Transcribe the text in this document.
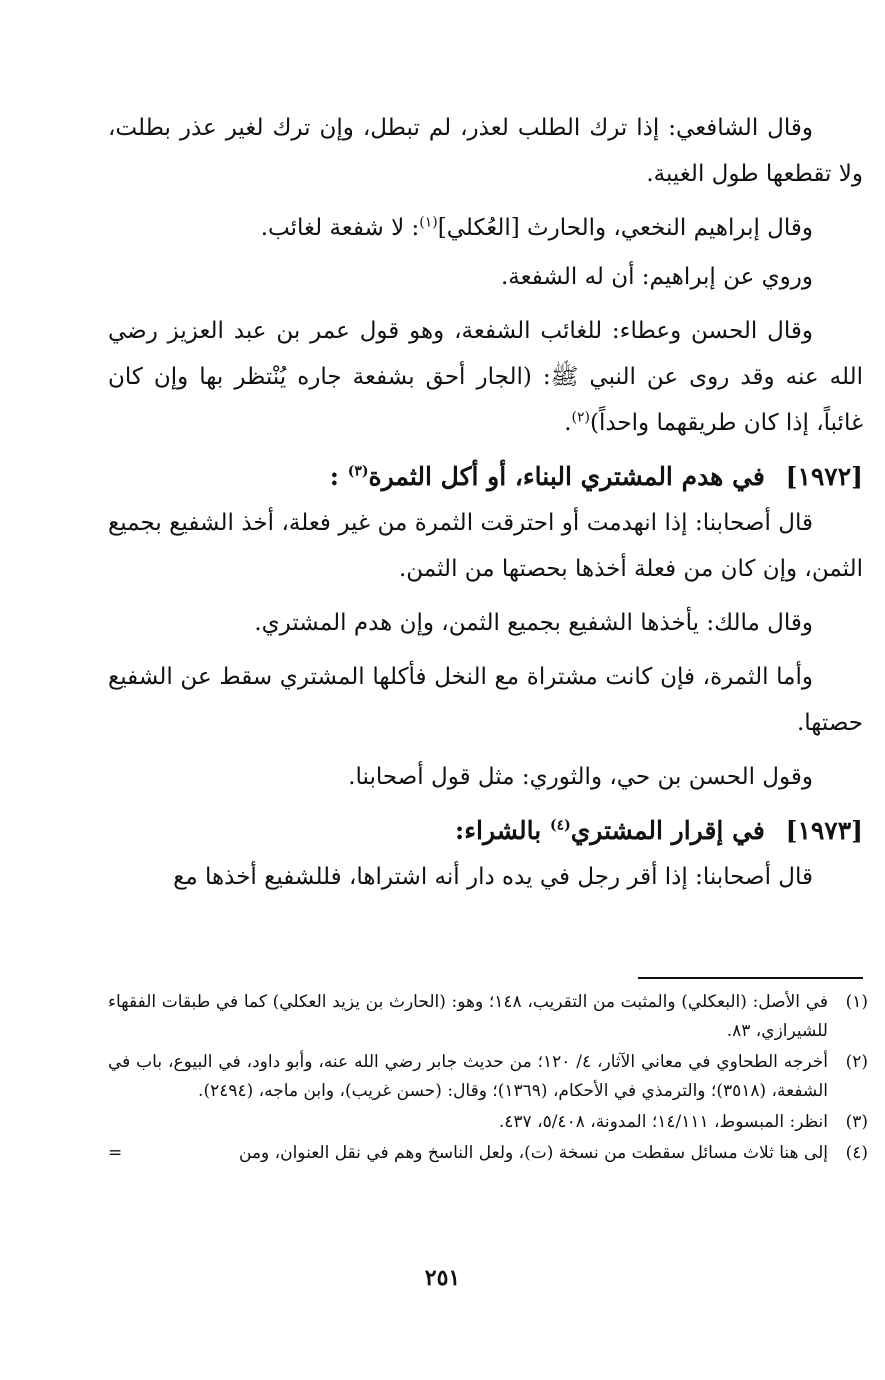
وقال الشافعي: إذا ترك الطلب لعذر، لم تبطل، وإن ترك لغير عذر بطلت، ولا تقطعها طول الغيبة.

وقال إبراهيم النخعي، والحارث [العُكلي]$^{(١)}$: لا شفعة لغائب.

وروي عن إبراهيم: أن له الشفعة.

وقال الحسن وعطاء: للغائب الشفعة، وهو قول عمر بن عبد العزيز رضي الله عنه وقد روى عن النبي ﷺ: (الجار أحق بشفعة جاره يُنْتظر بها وإن كان غائباً، إذا كان طريقهما واحداً)$^{(٢)}$.

[١٩٧٢] في هدم المشتري البناء، أو أكل الثمرة$^{(٣)}$ :

قال أصحابنا: إذا انهدمت أو احترقت الثمرة من غير فعلة، أخذ الشفيع بجميع الثمن، وإن كان من فعلة أخذها بحصتها من الثمن.

وقال مالك: يأخذها الشفيع بجميع الثمن، وإن هدم المشتري.

وأما الثمرة، فإن كانت مشتراة مع النخل فأكلها المشتري سقط عن الشفيع حصتها.

وقول الحسن بن حي، والثوري: مثل قول أصحابنا.

[١٩٧٣] في إقرار المشتري$^{(٤)}$ بالشراء:

قال أصحابنا: إذا أقر رجل في يده دار أنه اشتراها، فللشفيع أخذها مع

(١)
في الأصل: (البعكلي) والمثبت من التقريب، ١٤٨؛ وهو: (الحارث بن يزيد العكلي) كما في طبقات الفقهاء للشيرازي، ٨٣.
(٢)
أخرجه الطحاوي في معاني الآثار، ٤/ ١٢٠؛ من حديث جابر رضي الله عنه، وأبو داود، في البيوع، باب في الشفعة، (٣٥١٨)؛ والترمذي في الأحكام، (١٣٦٩)؛ وقال: (حسن غريب)، وابن ماجه، (٢٤٩٤).
(٣)
انظر: المبسوط، ١٤/١١١؛ المدونة، ٥/٤٠٨، ٤٣٧.
(٤)
إلى هنا ثلاث مسائل سقطت من نسخة (ت)، ولعل الناسخ وهم في نقل العنوان، ومن
=
٢٥١
